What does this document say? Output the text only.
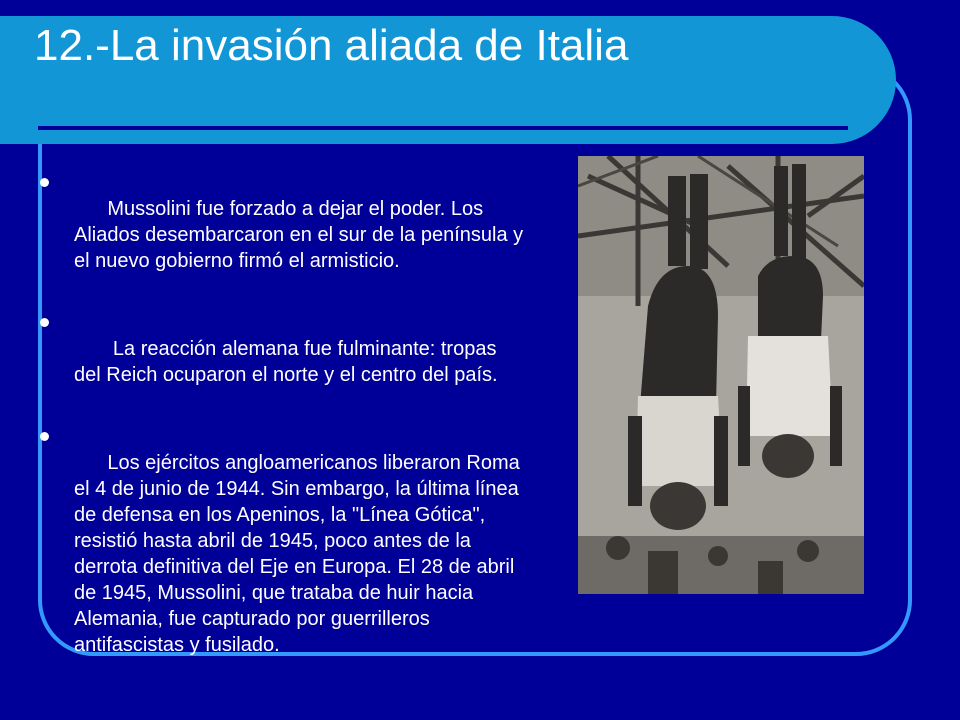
12.-La invasión aliada de Italia

Mussolini fue forzado a dejar el poder. Los Aliados desembarcaron en el sur de la península y el nuevo gobierno firmó el armisticio.

La reacción alemana fue fulminante: tropas del Reich ocuparon el norte y el centro del país.

Los ejércitos angloamericanos liberaron Roma el 4 de junio de 1944. Sin embargo, la última línea de defensa en los Apeninos, la "Línea Gótica", resistió hasta abril de 1945, poco antes de la derrota definitiva del Eje en Europa. El 28 de abril de 1945, Mussolini, que trataba de huir hacia Alemania, fue capturado por guerrilleros antifascistas y fusilado.
